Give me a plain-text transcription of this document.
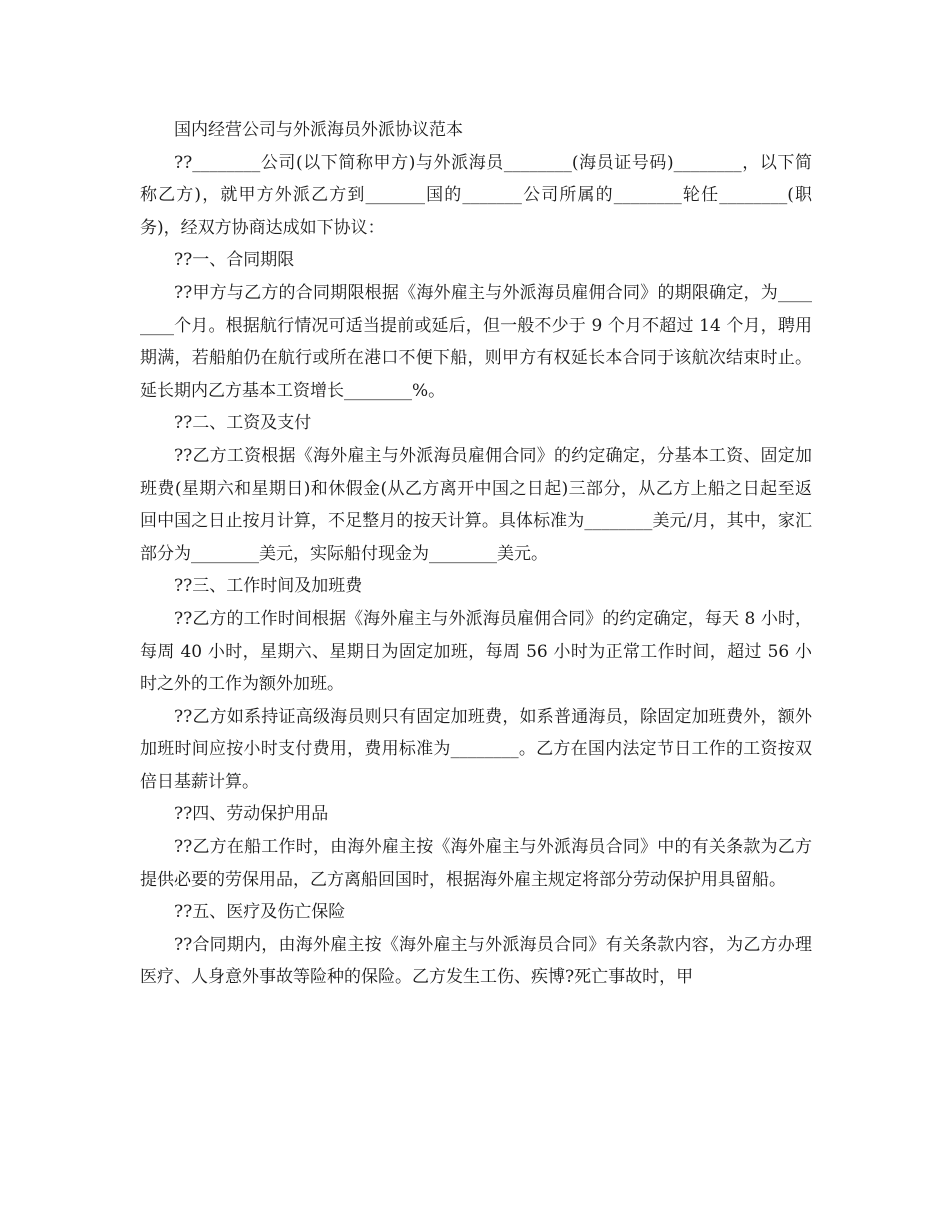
国内经营公司与外派海员外派协议范本

??________公司(以下简称甲方)与外派海员________(海员证号码)________，以下简称乙方)，就甲方外派乙方到_______国的_______公司所属的________轮任________(职务)，经双方协商达成如下协议：

??一、合同期限

??甲方与乙方的合同期限根据《海外雇主与外派海员雇佣合同》的期限确定，为________个月。根据航行情况可适当提前或延后，但一般不少于 9 个月不超过 14 个月，聘用期满，若船舶仍在航行或所在港口不便下船，则甲方有权延长本合同于该航次结束时止。延长期内乙方基本工资增长________%。

??二、工资及支付

??乙方工资根据《海外雇主与外派海员雇佣合同》的约定确定，分基本工资、固定加班费(星期六和星期日)和休假金(从乙方离开中国之日起)三部分，从乙方上船之日起至返回中国之日止按月计算，不足整月的按天计算。具体标准为________美元/月，其中，家汇部分为________美元，实际船付现金为________美元。

??三、工作时间及加班费

??乙方的工作时间根据《海外雇主与外派海员雇佣合同》的约定确定，每天 8 小时，每周 40 小时，星期六、星期日为固定加班，每周 56 小时为正常工作时间，超过 56 小时之外的工作为额外加班。

??乙方如系持证高级海员则只有固定加班费，如系普通海员，除固定加班费外，额外加班时间应按小时支付费用，费用标准为________。乙方在国内法定节日工作的工资按双倍日基薪计算。

??四、劳动保护用品

??乙方在船工作时，由海外雇主按《海外雇主与外派海员合同》中的有关条款为乙方提供必要的劳保用品，乙方离船回国时，根据海外雇主规定将部分劳动保护用具留船。

??五、医疗及伤亡保险

??合同期内，由海外雇主按《海外雇主与外派海员合同》有关条款内容，为乙方办理医疗、人身意外事故等险种的保险。乙方发生工伤、疾博?死亡事故时，甲
